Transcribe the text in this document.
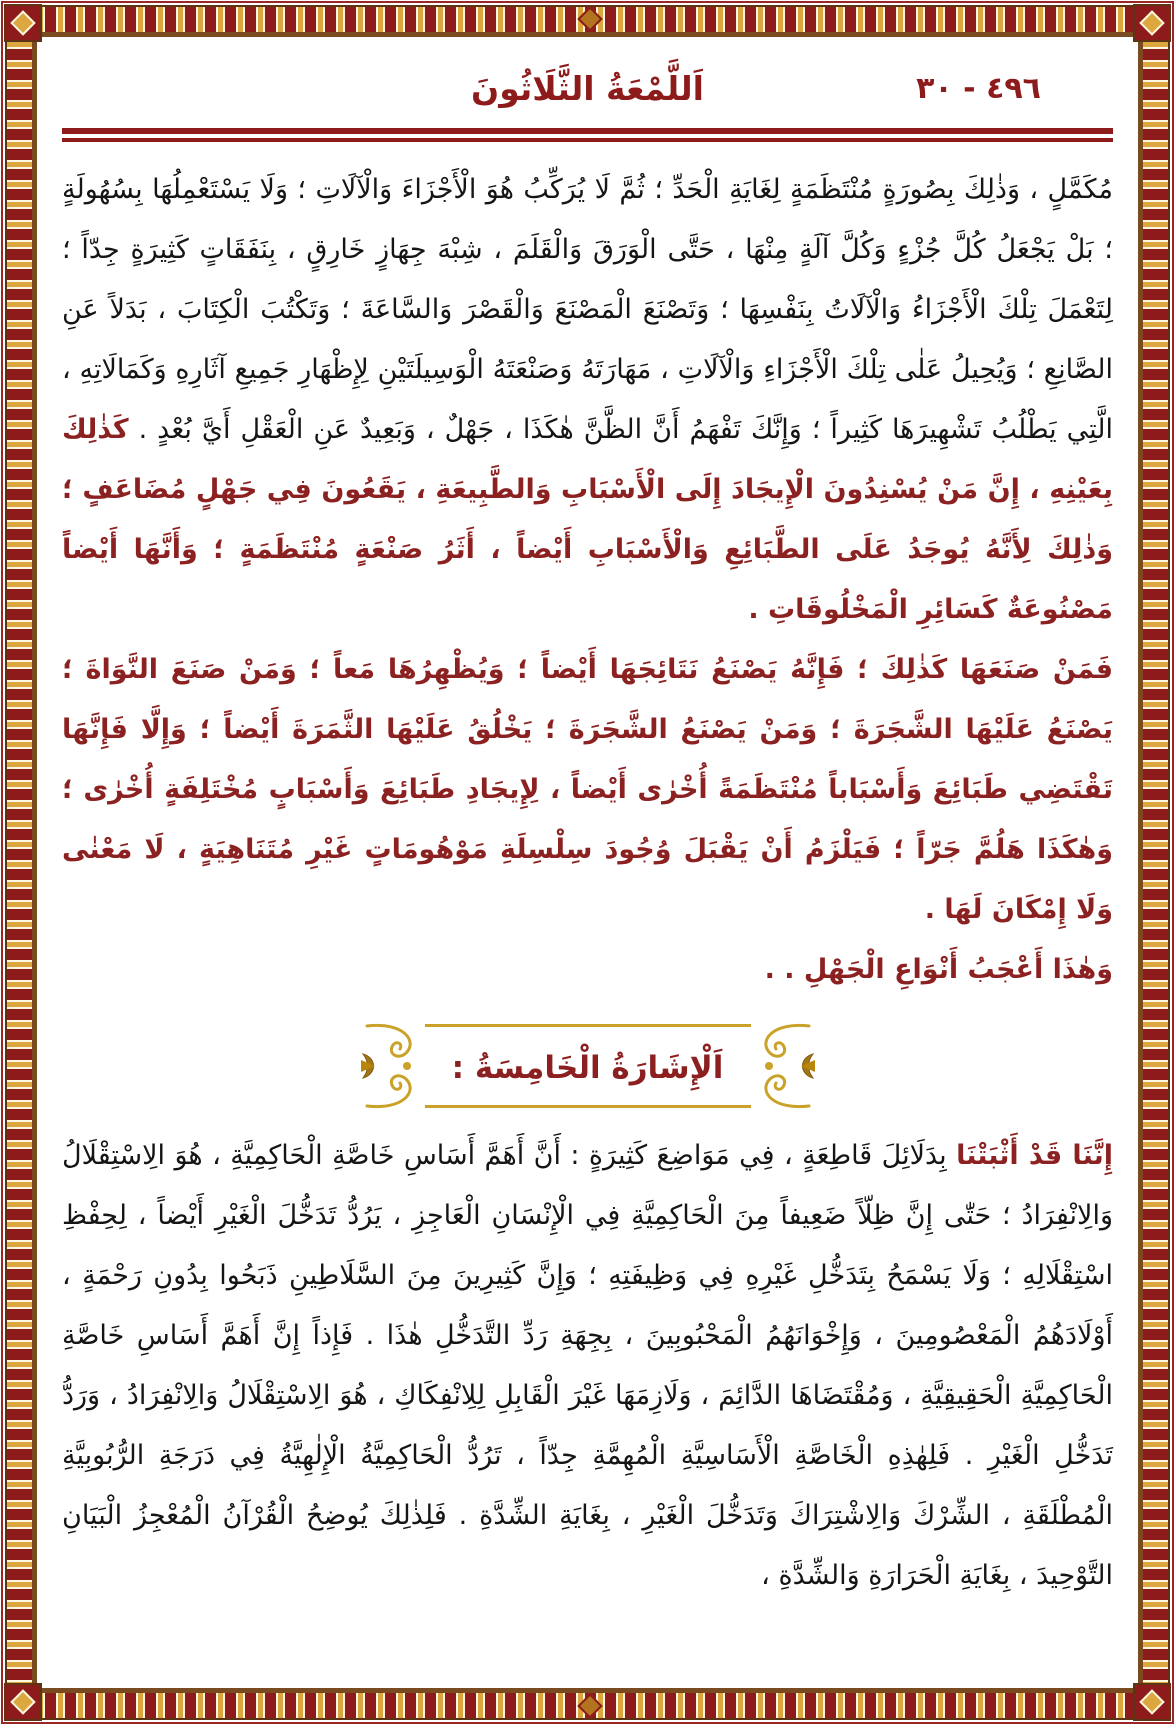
اَللَّمْعَةُ الثَّلَاثُونَ	٤٩٦ - ٣٠

مُكَمَّلٍ ، وَذٰلِكَ بِصُورَةٍ مُنْتَظَمَةٍ لِغَايَةِ الْحَدِّ ؛ ثُمَّ لَا يُرَكِّبُ هُوَ الْأَجْزَاءَ وَالْآلَاتِ ؛ وَلَا يَسْتَعْمِلُهَا بِسُهُولَةٍ ؛ بَلْ يَجْعَلُ كُلَّ جُزْءٍ وَكُلَّ آلَةٍ مِنْهَا ، حَتَّى الْوَرَقَ وَالْقَلَمَ ، شِبْهَ جِهَازٍ خَارِقٍ ، بِنَفَقَاتٍ كَثِيرَةٍ جِدّاً ؛ لِتَعْمَلَ تِلْكَ الْأَجْزَاءُ وَالْآلَاتُ بِنَفْسِهَا ؛ وَتَصْنَعَ الْمَصْنَعَ وَالْقَصْرَ وَالسَّاعَةَ ؛ وَتَكْتُبَ الْكِتَابَ ، بَدَلاً عَنِ الصَّانِعِ ؛ وَيُحِيلُ عَلٰى تِلْكَ الْأَجْزَاءِ وَالْآلَاتِ ، مَهَارَتَهُ وَصَنْعَتَهُ الْوَسِيلَتَيْنِ لِإِظْهَارِ جَمِيعِ آثَارِهِ وَكَمَالَاتِهِ ، الَّتِي يَطْلُبُ تَشْهِيرَهَا كَثِيراً ؛ وَإِنَّكَ تَفْهَمُ أَنَّ الظَّنَّ هٰكَذَا ، جَهْلٌ ، وَبَعِيدٌ عَنِ الْعَقْلِ أَيَّ بُعْدٍ . كَذٰلِكَ بِعَيْنِهِ ، إِنَّ مَنْ يُسْنِدُونَ الْإِيجَادَ إِلَى الْأَسْبَابِ وَالطَّبِيعَةِ ، يَقَعُونَ فِي جَهْلٍ مُضَاعَفٍ ؛ وَذٰلِكَ لِأَنَّهُ يُوجَدُ عَلَى الطَّبَائِعِ وَالْأَسْبَابِ أَيْضاً ، أَثَرُ صَنْعَةٍ مُنْتَظَمَةٍ ؛ وَأَنَّهَا أَيْضاً مَصْنُوعَةٌ كَسَائِرِ الْمَخْلُوقَاتِ .

فَمَنْ صَنَعَهَا كَذٰلِكَ ؛ فَإِنَّهُ يَصْنَعُ نَتَائِجَهَا أَيْضاً ؛ وَيُظْهِرُهَا مَعاً ؛ وَمَنْ صَنَعَ النَّوَاةَ ؛ يَصْنَعُ عَلَيْهَا الشَّجَرَةَ ؛ وَمَنْ يَصْنَعُ الشَّجَرَةَ ؛ يَخْلُقُ عَلَيْهَا الثَّمَرَةَ أَيْضاً ؛ وَإِلَّا فَإِنَّهَا تَقْتَضِي طَبَائِعَ وَأَسْبَاباً مُنْتَظَمَةً أُخْرٰى أَيْضاً ، لِإِيجَادِ طَبَائِعَ وَأَسْبَابٍ مُخْتَلِفَةٍ أُخْرٰى ؛ وَهٰكَذَا هَلُمَّ جَرّاً ؛ فَيَلْزَمُ أَنْ يَقْبَلَ وُجُودَ سِلْسِلَةِ مَوْهُومَاتٍ غَيْرِ مُتَنَاهِيَةٍ ، لَا مَعْنٰى وَلَا إِمْكَانَ لَهَا .

وَهٰذَا أَعْجَبُ أَنْوَاعِ الْجَهْلِ . .

اَلْإِشَارَةُ الْخَامِسَةُ :

إِنَّنَا قَدْ أَثْبَتْنَا بِدَلَائِلَ قَاطِعَةٍ ، فِي مَوَاضِعَ كَثِيرَةٍ : أَنَّ أَهَمَّ أَسَاسِ خَاصَّةِ الْحَاكِمِيَّةِ ، هُوَ الِاسْتِقْلَالُ وَالِانْفِرَادُ ؛ حَتّٰى إِنَّ ظِلّاً ضَعِيفاً مِنَ الْحَاكِمِيَّةِ فِي الْإِنْسَانِ الْعَاجِزِ ، يَرُدُّ تَدَخُّلَ الْغَيْرِ أَيْضاً ، لِحِفْظِ اسْتِقْلَالِهِ ؛ وَلَا يَسْمَحُ بِتَدَخُّلِ غَيْرِهِ فِي وَظِيفَتِهِ ؛ وَإِنَّ كَثِيرِينَ مِنَ السَّلَاطِينِ ذَبَحُوا بِدُونِ رَحْمَةٍ ، أَوْلَادَهُمُ الْمَعْصُومِينَ ، وَإِخْوَانَهُمُ الْمَحْبُوبِينَ ، بِجِهَةِ رَدِّ التَّدَخُّلِ هٰذَا . فَإِذاً إِنَّ أَهَمَّ أَسَاسِ خَاصَّةِ الْحَاكِمِيَّةِ الْحَقِيقِيَّةِ ، وَمُقْتَضَاهَا الدَّائِمَ ، وَلَازِمَهَا غَيْرَ الْقَابِلِ لِلِانْفِكَاكِ ، هُوَ الِاسْتِقْلَالُ وَالِانْفِرَادُ ، وَرَدُّ تَدَخُّلِ الْغَيْرِ . فَلِهٰذِهِ الْخَاصَّةِ الْأَسَاسِيَّةِ الْمُهِمَّةِ جِدّاً ، تَرُدُّ الْحَاكِمِيَّةُ الْإِلٰهِيَّةُ فِي دَرَجَةِ الرُّبُوبِيَّةِ الْمُطْلَقَةِ ، الشِّرْكَ وَالِاشْتِرَاكَ وَتَدَخُّلَ الْغَيْرِ ، بِغَايَةِ الشِّدَّةِ . فَلِذٰلِكَ يُوضِحُ الْقُرْآنُ الْمُعْجِزُ الْبَيَانِ التَّوْحِيدَ ، بِغَايَةِ الْحَرَارَةِ وَالشِّدَّةِ ،
